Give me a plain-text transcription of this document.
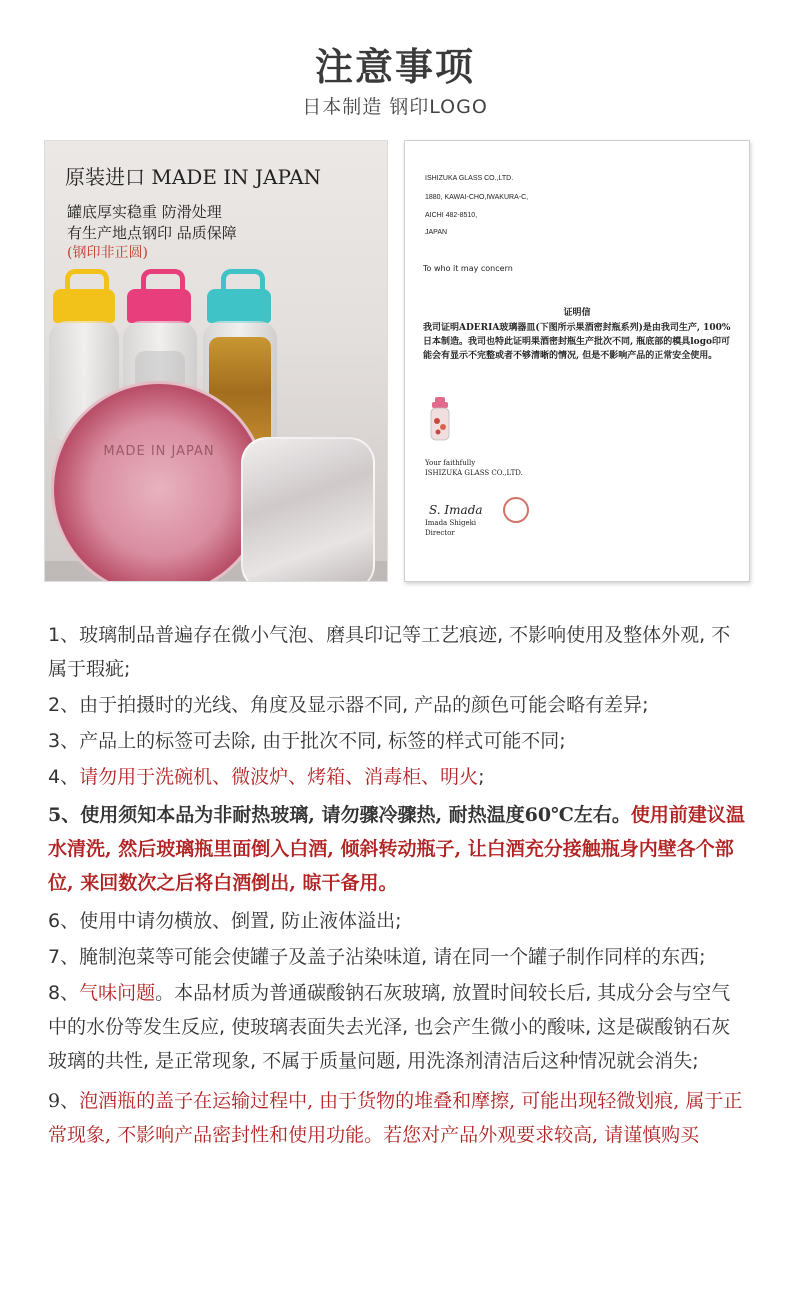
注意事项
日本制造 钢印LOGO
原装进口 MADE IN JAPAN
罐底厚实稳重 防滑处理
有生产地点钢印 品质保障
(钢印非正圆)
MADE IN JAPAN
ISHIZUKA GLASS CO.,LTD.
1880, KAWAI-CHO,IWAKURA-C,
AICHI 482-8510,
JAPAN
To who it may concern
证明信
我司证明ADERIA玻璃器皿(下图所示果酒密封瓶系列)是由我司生产, 100%日本制造。我司也特此证明果酒密封瓶生产批次不同, 瓶底部的模具logo印可能会有显示不完整或者不够清晰的情况, 但是不影响产品的正常安全使用。
Your faithfully
ISHIZUKA GLASS CO.,LTD.
S. Imada
Imada Shigeki
Director
1、玻璃制品普遍存在微小气泡、磨具印记等工艺痕迹, 不影响使用及整体外观, 不属于瑕疵;
2、由于拍摄时的光线、角度及显示器不同, 产品的颜色可能会略有差异;
3、产品上的标签可去除, 由于批次不同, 标签的样式可能不同;
4、请勿用于洗碗机、微波炉、烤箱、消毒柜、明火;
5、使用须知本品为非耐热玻璃, 请勿骤冷骤热, 耐热温度60℃左右。使用前建议温水清洗, 然后玻璃瓶里面倒入白酒, 倾斜转动瓶子, 让白酒充分接触瓶身内壁各个部位, 来回数次之后将白酒倒出, 晾干备用。
6、使用中请勿横放、倒置, 防止液体溢出;
7、腌制泡菜等可能会使罐子及盖子沾染味道, 请在同一个罐子制作同样的东西;
8、气味问题。本品材质为普通碳酸钠石灰玻璃, 放置时间较长后, 其成分会与空气中的水份等发生反应, 使玻璃表面失去光泽, 也会产生微小的酸味, 这是碳酸钠石灰玻璃的共性, 是正常现象, 不属于质量问题, 用洗涤剂清洁后这种情况就会消失;
9、泡酒瓶的盖子在运输过程中, 由于货物的堆叠和摩擦, 可能出现轻微划痕, 属于正常现象, 不影响产品密封性和使用功能。若您对产品外观要求较高, 请谨慎购买
